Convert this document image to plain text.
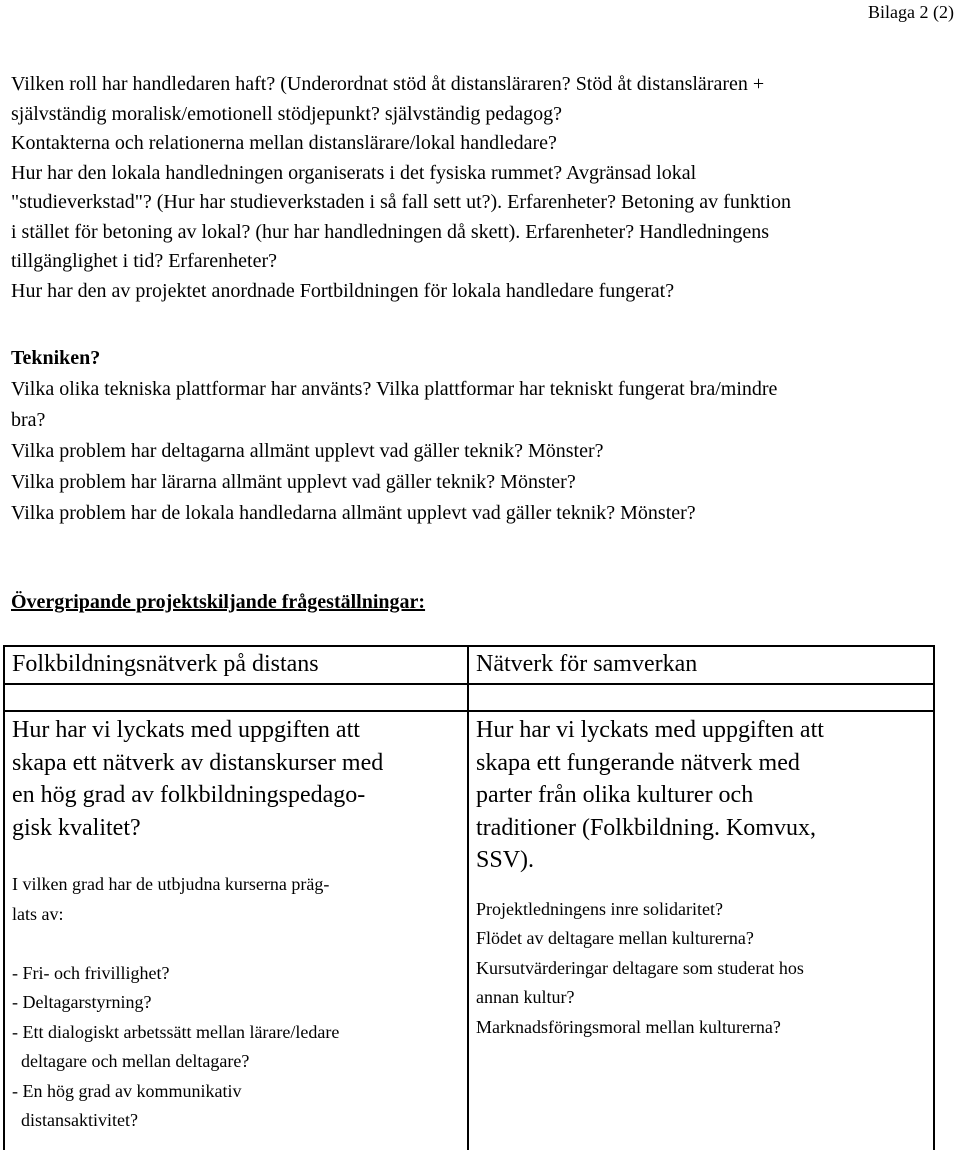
Bilaga 2 (2)

Vilken roll har handledaren haft? (Underordnat stöd åt distansläraren? Stöd åt distansläraren +

självständig moralisk/emotionell stödjepunkt? självständig pedagog?

Kontakterna och relationerna mellan distanslärare/lokal handledare?

Hur har den lokala handledningen organiserats i det fysiska rummet? Avgränsad lokal

"studieverkstad"? (Hur har studieverkstaden i så fall sett ut?). Erfarenheter? Betoning av funktion

i stället för betoning av lokal? (hur har handledningen då skett). Erfarenheter? Handledningens

tillgänglighet i tid? Erfarenheter?

Hur har den av projektet anordnade Fortbildningen för lokala handledare fungerat?

Tekniken?

Vilka olika tekniska plattformar har använts? Vilka plattformar har tekniskt fungerat bra/mindre

bra?

Vilka problem har deltagarna allmänt upplevt vad gäller teknik? Mönster?

Vilka problem har lärarna allmänt upplevt vad gäller teknik? Mönster?

Vilka problem har de lokala handledarna allmänt upplevt vad gäller teknik? Mönster?

Övergripande projektskiljande frågeställningar:
Folkbildningsnätverk på distans	Nätverk för samverkan

Hur har vi lyckats med uppgiften att

skapa ett nätverk av distanskurser med

en hög grad av folkbildningspedago-

gisk kvalitet?

I vilken grad har de utbjudna kurserna präg-

lats av:

- Fri- och frivillighet?

- Deltagarstyrning?

- Ett dialogiskt arbetssätt mellan lärare/ledare

deltagare och mellan deltagare?

- En hög grad av kommunikativ

distansaktivitet?

Hur har vi lyckats med uppgiften att

skapa ett fungerande nätverk med

parter från olika kulturer och

traditioner (Folkbildning. Komvux,

SSV).

Projektledningens inre solidaritet?

Flödet av deltagare mellan kulturerna?

Kursutvärderingar deltagare som studerat hos

annan kultur?

Marknadsföringsmoral mellan kulturerna?
